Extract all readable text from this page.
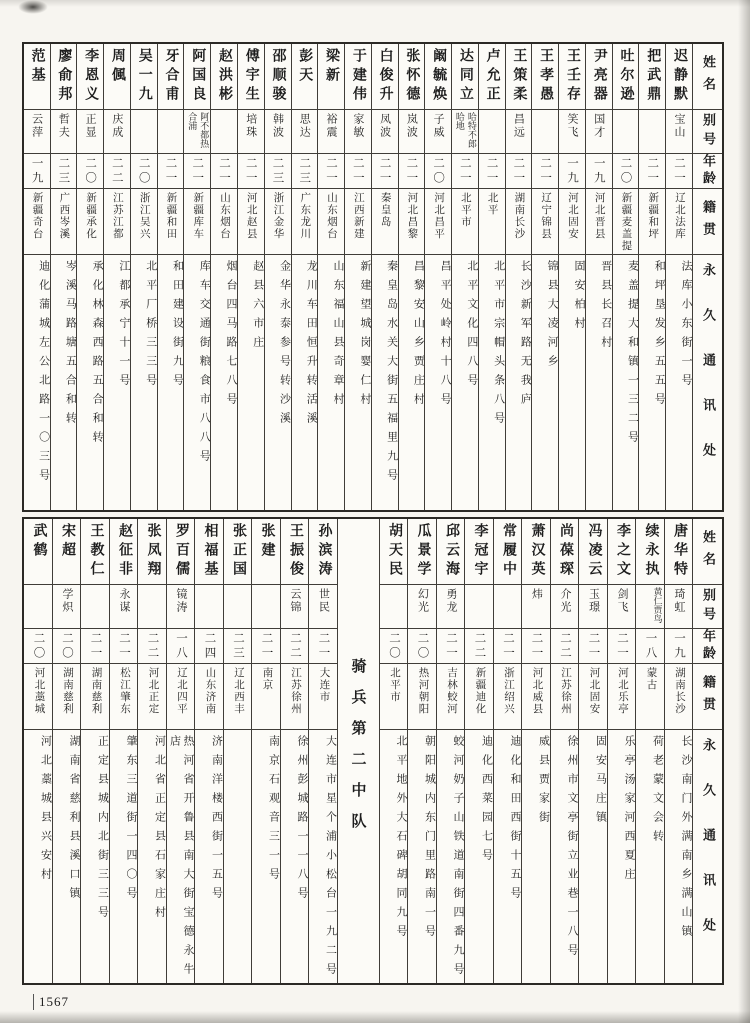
姓名
别号
年龄
籍贯
永久通讯处
迟静默
宝山
二一
辽北法库
法库小东街一号
把武鼎
二一
新疆和坪
和坪垦发乡五五号
吐尔逊
二〇
新疆麦盖提
麦盖提大和镇一三二号
尹亮器
国才
一九
河北晋县
晋县长召村
王壬存
笑飞
一九
河北固安
固安柏村
王孝愚
二一
辽宁锦县
锦县大凌河乡
王策柔
昌远
二一
湖南长沙
长沙新军路无我庐
卢允正
二一
北平
北平市宗帽头条八号
达同立
哈特不郎哈地
二一
北平市
北平文化四八号
阚毓焕
子威
二〇
河北昌平
昌平处岭村十八号
张怀德
岚波
二一
河北昌黎
昌黎安山乡贾庄村
白俊升
凤波
二一
秦皇岛
秦皇岛水关大街五福里九号
于建伟
家敏
二一
江西新建
新建望城岗婴仁村
梁新
裕震
二一
山东烟台
山东福山县奇章村
彭天
思达
二三
广东龙川
龙川车田恒升转活溪
邵顺骏
韩波
二三
浙江金华
金华永泰参号转沙溪
傅宇生
培珠
二一
河北赵县
赵县六市庄
赵洪彬
二一
山东烟台
烟台四马路七八号
阿国良
阿不都热合浦
二一
新疆库车
库车交通街粮食市八八号
牙合甫
二一
新疆和田
和田建设街九号
吴一九
二〇
浙江吴兴
北平厂桥三三号
周偑
庆成
二二
江苏江都
江都承宁十一号
李恩义
正显
二〇
新疆承化
承化林森西路五合和转
廖俞邦
哲夫
二三
广西岑溪
岑溪马路塘五合和转
范基
云萍
一九
新疆奇台
迪化蒲城左公北路一〇三号
姓名
别号
年龄
籍贯
永久通讯处
唐华特
琦虹
一九
湖南长沙
长沙南门外满南乡满山镇
续永执
黄仁贾鸟
一八
蒙古
荷老蒙文会转
李之文
剑飞
二一
河北乐亭
乐亭汤家河西夏庄
冯凌云
玉璟
二一
河北固安
固安马庄镇
尚葆琛
介光
二二
江苏徐州
徐州市文亭街立业巷一八号
萧汉英
炜
二一
河北威县
威县贾家街
常履中
二一
浙江绍兴
迪化和田西街十五号
李冠宇
二二
新疆迪化
迪化西菜园七号
邱云海
勇龙
二一
吉林蛟河
蛟河奶子山铁道南街四番九号
瓜景学
幻光
二〇
热河朝阳
朝阳城内东门里路南一号
胡天民
二〇
北平市
北平地外大石碑胡同九号
骑兵第二中队
孙滨涛
世民
二一
大连市
大连市星个浦小松台一九二号
王振俊
云锦
二二
江苏徐州
徐州彭城路一一八号
张建
二一
南京
南京石观音三一号
张正国
二三
辽北西丰
相福基
二四
山东济南
济南洋楼西街一五号
罗百儒
镜涛
一八
辽北四平
热河省开鲁县南大街宝德永牛店
张凤翔
二二
河北正定
河北省正定县石家庄村
赵征非
永谋
二一
松江肇东
肇东三道街一四〇号
王教仁
二一
湖南慈利
正定县城内北街三三号
宋超
学炽
二〇
湖南慈利
湖南省慈利县溪口镇
武鹤
二〇
河北藁城
河北藁城县兴安村
1567
